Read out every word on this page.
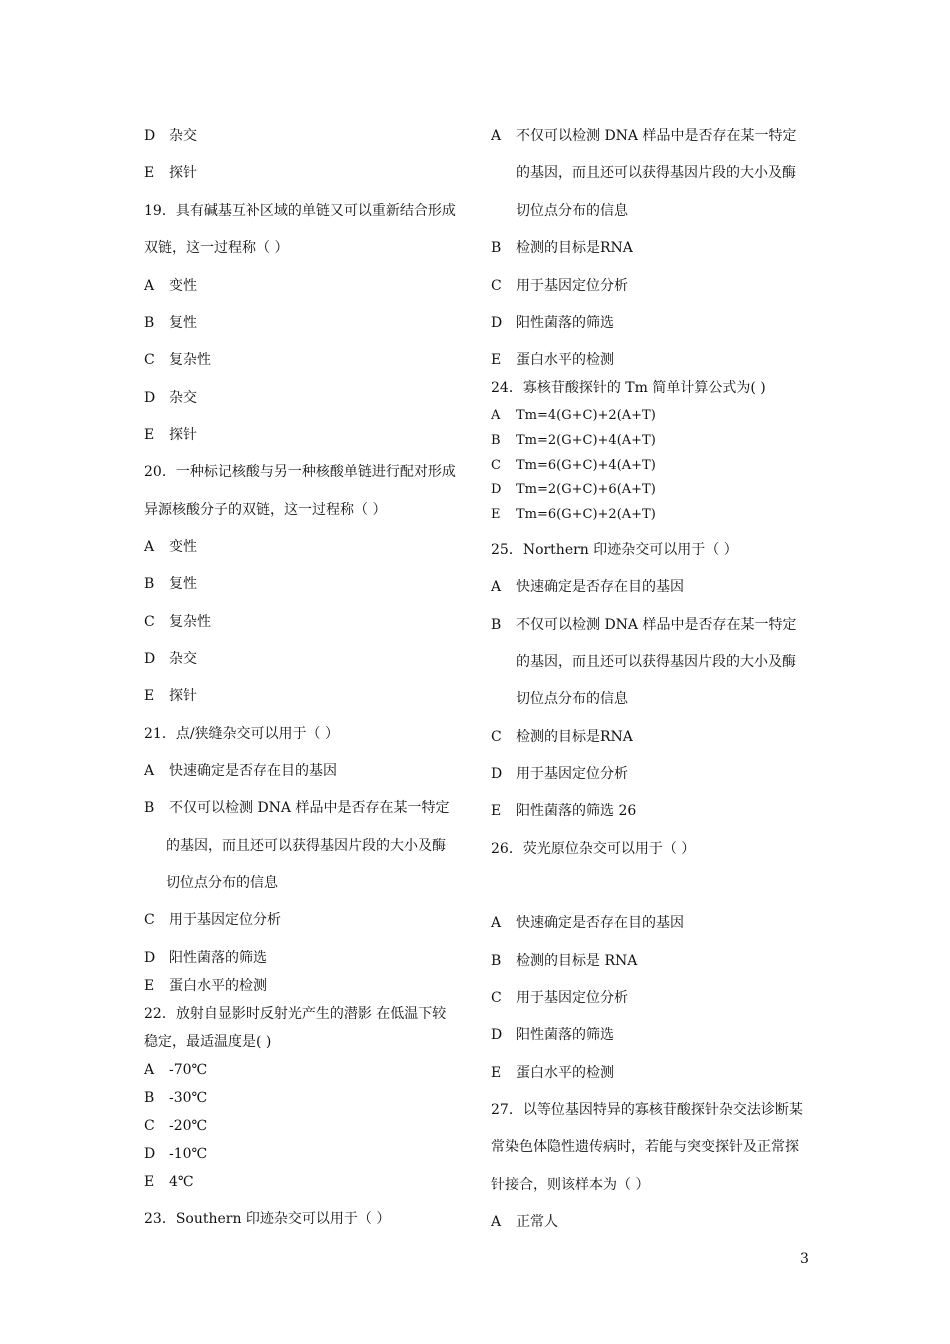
D 杂交
E 探针
19．具有碱基互补区域的单链又可以重新结合形成
双链，这一过程称（ ）
A 变性
B 复性
C 复杂性
D 杂交
E 探针
20．一种标记核酸与另一种核酸单链进行配对形成
异源核酸分子的双链，这一过程称（ ）
A 变性
B 复性
C 复杂性
D 杂交
E 探针
21．点/狭缝杂交可以用于（ ）
A 快速确定是否存在目的基因
B 不仅可以检测 DNA 样品中是否存在某一特定
的基因，而且还可以获得基因片段的大小及酶
切位点分布的信息
C 用于基因定位分析
D 阳性菌落的筛选
E 蛋白水平的检测
22．放射自显影时反射光产生的潜影 在低温下较
稳定，最适温度是( )
A -70℃
B -30℃
C -20℃
D -10℃
E 4℃
23．Southern 印迹杂交可以用于（ ）
A 不仅可以检测 DNA 样品中是否存在某一特定
的基因，而且还可以获得基因片段的大小及酶
切位点分布的信息
B 检测的目标是RNA
C 用于基因定位分析
D 阳性菌落的筛选
E 蛋白水平的检测
24．寡核苷酸探针的 Tm 简单计算公式为( )
A Tm=4(G+C)+2(A+T)
B Tm=2(G+C)+4(A+T)
C Tm=6(G+C)+4(A+T)
D Tm=2(G+C)+6(A+T)
E Tm=6(G+C)+2(A+T)
25．Northern 印迹杂交可以用于（ ）
A 快速确定是否存在目的基因
B 不仅可以检测 DNA 样品中是否存在某一特定
的基因，而且还可以获得基因片段的大小及酶
切位点分布的信息
C 检测的目标是RNA
D 用于基因定位分析
E 阳性菌落的筛选 26
26．荧光原位杂交可以用于（ ）
A 快速确定是否存在目的基因
B 检测的目标是 RNA
C 用于基因定位分析
D 阳性菌落的筛选
E 蛋白水平的检测
27．以等位基因特异的寡核苷酸探针杂交法诊断某
常染色体隐性遗传病时，若能与突变探针及正常探
针接合，则该样本为（ ）
A 正常人
3
